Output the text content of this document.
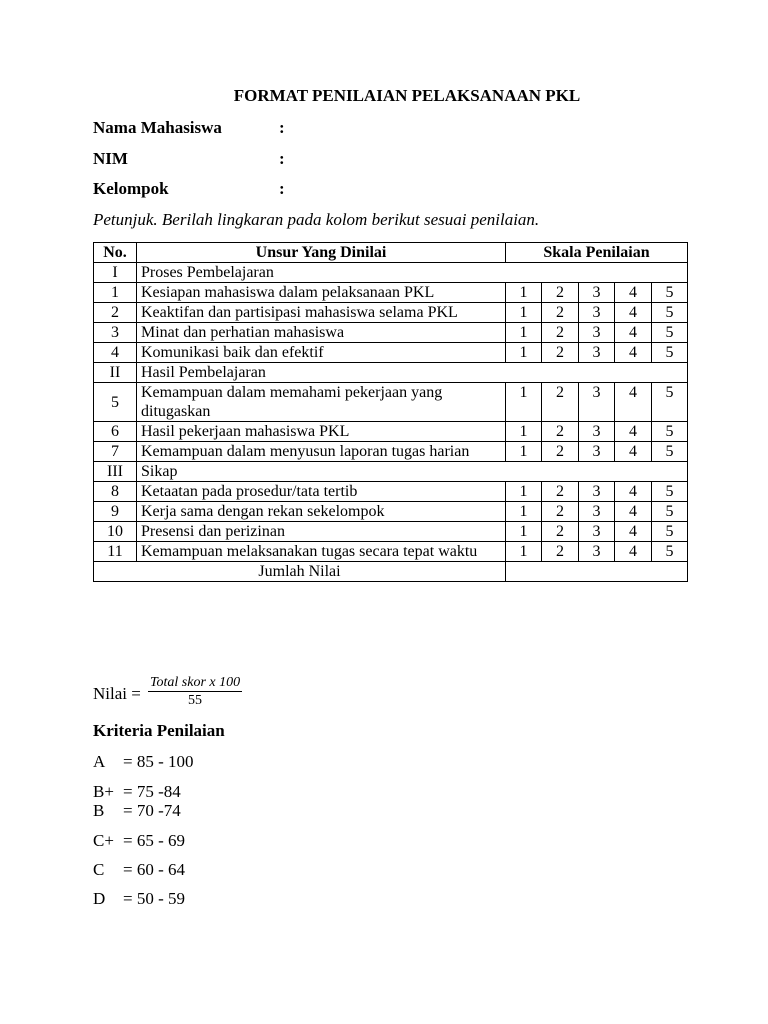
FORMAT PENILAIAN PELAKSANAAN PKL
Nama Mahasiswa	:
NIM	:
Kelompok	:
Petunjuk. Berilah lingkaran pada kolom berikut sesuai penilaian.
No.	Unsur Yang Dinilai	Skala Penilaian				
I	Proses Pembelajaran					
1	Kesiapan mahasiswa dalam pelaksanaan PKL	1	2	3	4	5
2	Keaktifan dan partisipasi mahasiswa selama PKL	1	2	3	4	5
3	Minat dan perhatian mahasiswa	1	2	3	4	5
4	Komunikasi baik dan efektif	1	2	3	4	5
II	Hasil Pembelajaran					
5	Kemampuan dalam memahami pekerjaan yang ditugaskan	1	2	3	4	5
6	Hasil pekerjaan mahasiswa PKL	1	2	3	4	5
7	Kemampuan dalam menyusun laporan tugas harian	1	2	3	4	5
III	Sikap					
8	Ketaatan pada prosedur/tata tertib	1	2	3	4	5
9	Kerja sama dengan rekan sekelompok	1	2	3	4	5
10	Presensi dan perizinan	1	2	3	4	5
11	Kemampuan melaksanakan tugas secara tepat waktu	1	2	3	4	5
Jumlah Nilai						
Nilai =
Total skor x 100
55
Kriteria Penilaian
A = 85 - 100
B+ = 75 -84
B = 70 -74
C+ = 65 - 69
C = 60 - 64
D = 50 - 59
